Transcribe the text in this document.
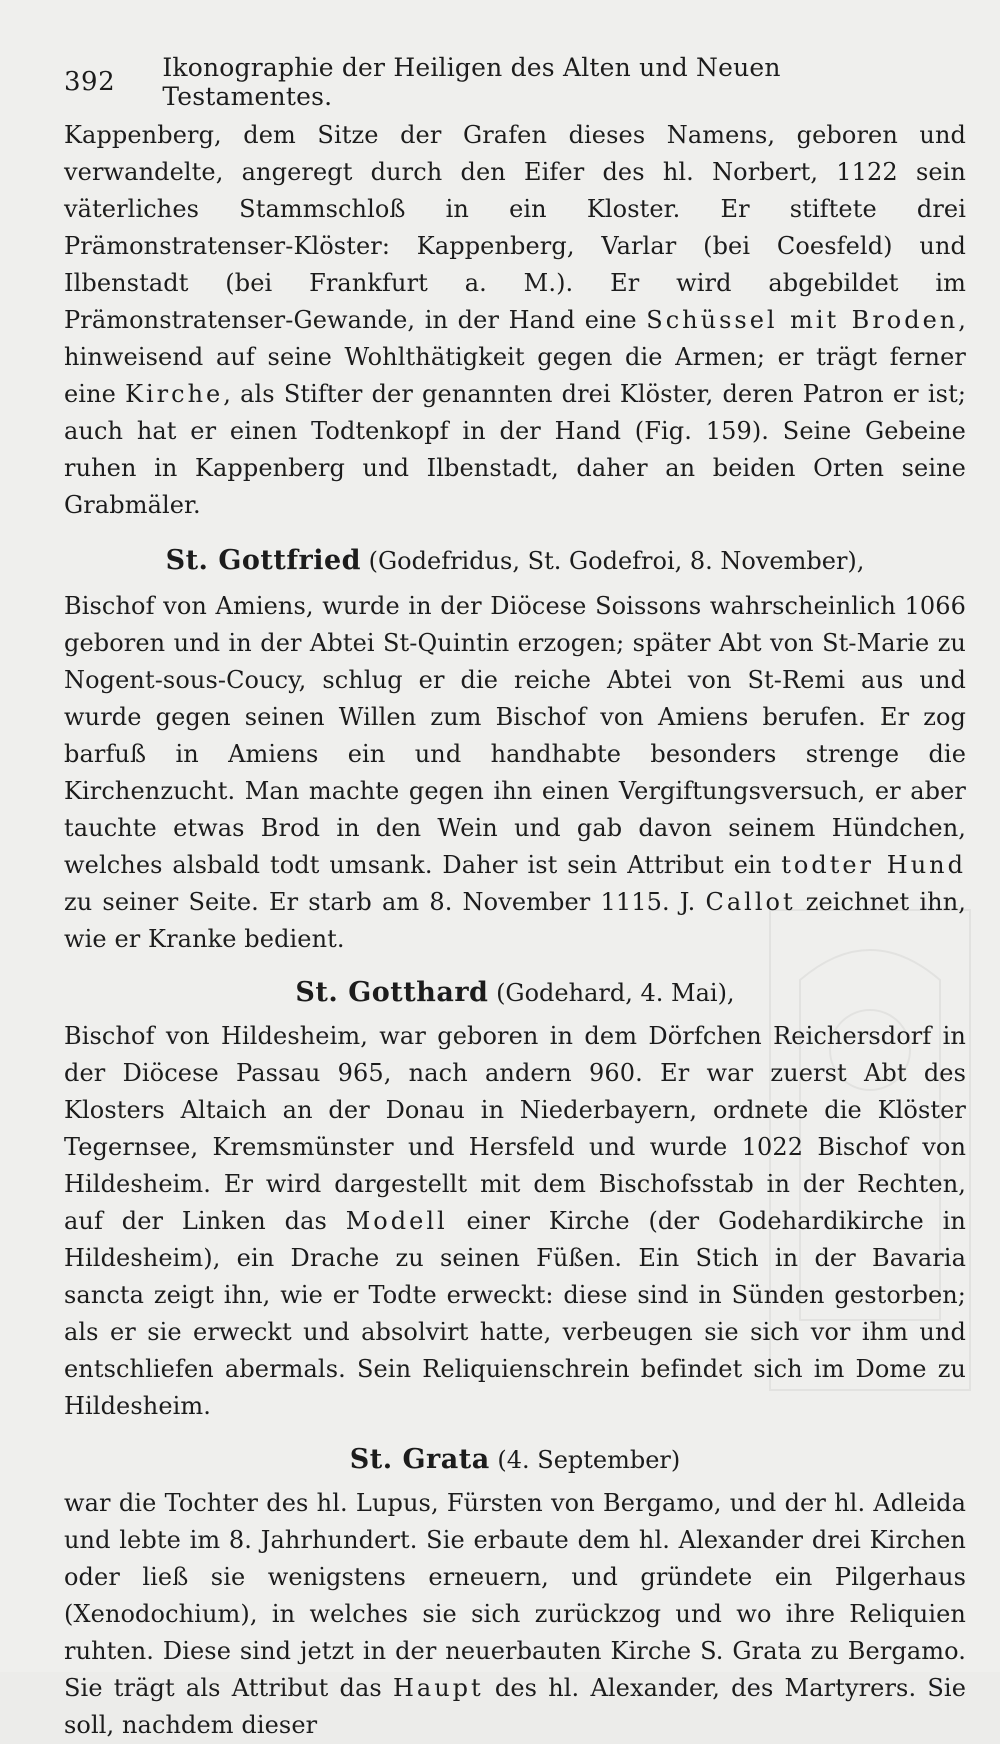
392	Ikonographie der Heiligen des Alten und Neuen Testamentes.

Kappenberg, dem Sitze der Grafen dieses Namens, geboren und verwandelte, angeregt durch den Eifer des hl. Norbert, 1122 sein väterliches Stammschloß in ein Kloster. Er stiftete drei Prämonstratenser-Klöster: Kappenberg, Varlar (bei Coesfeld) und Ilbenstadt (bei Frankfurt a. M.). Er wird abgebildet im Prämonstratenser-Gewande, in der Hand eine Schüssel mit Broden, hinweisend auf seine Wohlthätigkeit gegen die Armen; er trägt ferner eine Kirche, als Stifter der genannten drei Klöster, deren Patron er ist; auch hat er einen Todtenkopf in der Hand (Fig. 159). Seine Gebeine ruhen in Kappenberg und Ilbenstadt, daher an beiden Orten seine Grabmäler.

St. Gottfried (Godefridus, St. Godefroi, 8. November),

Bischof von Amiens, wurde in der Diöcese Soissons wahrscheinlich 1066 geboren und in der Abtei St-Quintin erzogen; später Abt von St-Marie zu Nogent-sous-Coucy, schlug er die reiche Abtei von St-Remi aus und wurde gegen seinen Willen zum Bischof von Amiens berufen. Er zog barfuß in Amiens ein und handhabte besonders strenge die Kirchenzucht. Man machte gegen ihn einen Vergiftungsversuch, er aber tauchte etwas Brod in den Wein und gab davon seinem Hündchen, welches alsbald todt umsank. Daher ist sein Attribut ein todter Hund zu seiner Seite. Er starb am 8. November 1115. J. Callot zeichnet ihn, wie er Kranke bedient.

St. Gotthard (Godehard, 4. Mai),

Bischof von Hildesheim, war geboren in dem Dörfchen Reichersdorf in der Diöcese Passau 965, nach andern 960. Er war zuerst Abt des Klosters Altaich an der Donau in Niederbayern, ordnete die Klöster Tegernsee, Kremsmünster und Hersfeld und wurde 1022 Bischof von Hildesheim. Er wird dargestellt mit dem Bischofsstab in der Rechten, auf der Linken das Modell einer Kirche (der Godehardikirche in Hildesheim), ein Drache zu seinen Füßen. Ein Stich in der Bavaria sancta zeigt ihn, wie er Todte erweckt: diese sind in Sünden gestorben; als er sie erweckt und absolvirt hatte, verbeugen sie sich vor ihm und entschliefen abermals. Sein Reliquienschrein befindet sich im Dome zu Hildesheim.

St. Grata (4. September)

war die Tochter des hl. Lupus, Fürsten von Bergamo, und der hl. Adleida und lebte im 8. Jahrhundert. Sie erbaute dem hl. Alexander drei Kirchen oder ließ sie wenigstens erneuern, und gründete ein Pilgerhaus (Xenodochium), in welches sie sich zurückzog und wo ihre Reliquien ruhten. Diese sind jetzt in der neuerbauten Kirche S. Grata zu Bergamo. Sie trägt als Attribut das Haupt des hl. Alexander, des Martyrers. Sie soll, nachdem dieser
